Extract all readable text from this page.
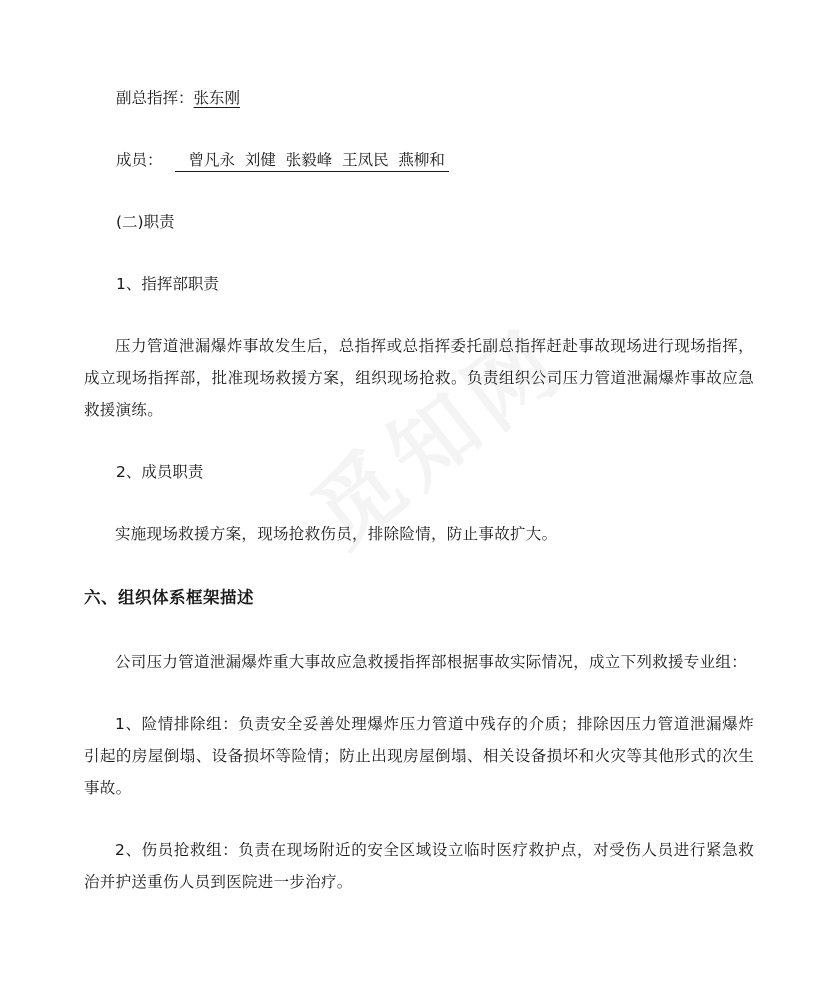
副总指挥：张东刚
成员： 曾凡永  刘健  张毅峰  王凤民  燕柳和
(二)职责
1、指挥部职责
压力管道泄漏爆炸事故发生后，总指挥或总指挥委托副总指挥赶赴事故现场进行现场指挥，成立现场指挥部，批准现场救援方案，组织现场抢救。负责组织公司压力管道泄漏爆炸事故应急救援演练。
2、成员职责
实施现场救援方案，现场抢救伤员，排除险情，防止事故扩大。
六、组织体系框架描述
公司压力管道泄漏爆炸重大事故应急救援指挥部根据事故实际情况，成立下列救援专业组：
1、险情排除组：负责安全妥善处理爆炸压力管道中残存的介质；排除因压力管道泄漏爆炸引起的房屋倒塌、设备损坏等险情；防止出现房屋倒塌、相关设备损坏和火灾等其他形式的次生事故。
2、伤员抢救组：负责在现场附近的安全区域设立临时医疗救护点，对受伤人员进行紧急救治并护送重伤人员到医院进一步治疗。
